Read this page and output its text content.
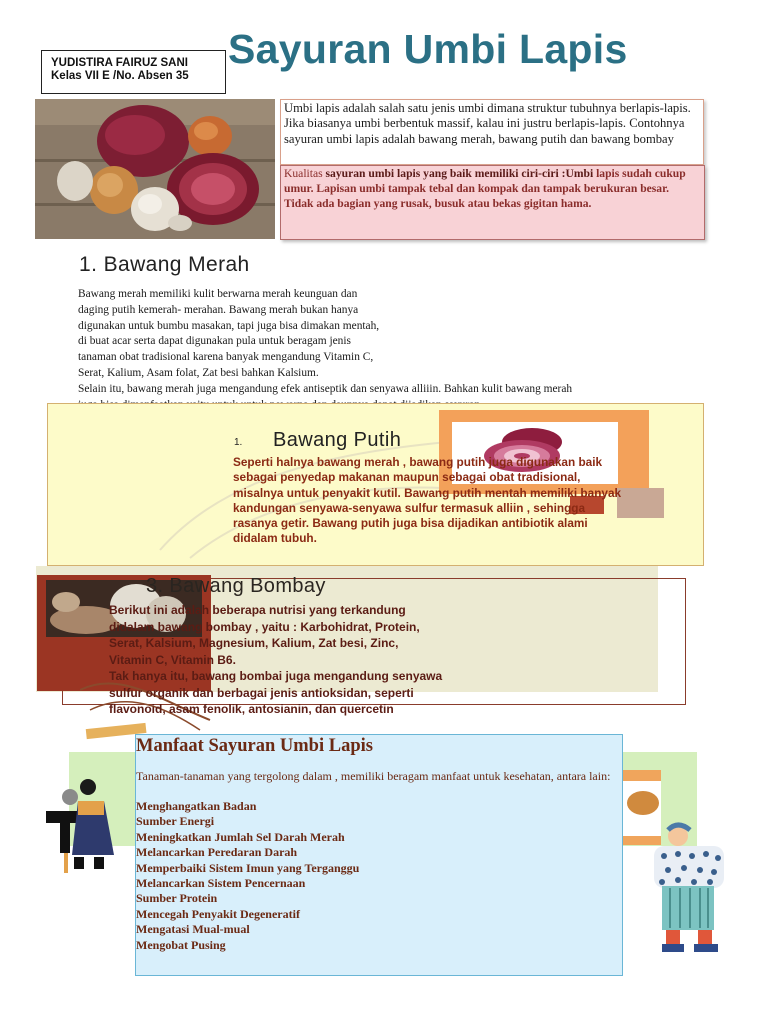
YUDISTIRA FAIRUZ SANI
Kelas VII E /No. Absen 35
Sayuran Umbi Lapis
Umbi lapis adalah salah satu jenis umbi dimana struktur tubuhnya berlapis-lapis. Jika biasanya umbi berbentuk massif, kalau ini justru berlapis-lapis. Contohnya sayuran umbi lapis adalah bawang merah, bawang putih dan bawang bombay
Kualitas sayuran umbi lapis yang baik memiliki ciri-ciri :Umbi lapis sudah cukup umur. Lapisan umbi tampak tebal dan kompak dan tampak berukuran besar. Tidak ada bagian yang rusak, busuk atau bekas gigitan hama.
1. Bawang Merah
Bawang merah memiliki kulit berwarna merah keunguan dan
daging putih kemerah- merahan. Bawang merah bukan hanya
digunakan untuk bumbu masakan, tapi juga bisa dimakan mentah,
di buat acar serta dapat digunakan pula untuk beragam jenis
tanaman obat tradisional karena banyak mengandung Vitamin C,
Serat, Kalium, Asam folat, Zat besi bahkan Kalsium.
Selain itu, bawang merah juga mengandung efek antiseptik dan senyawa alliiin. Bahkan kulit bawang merah
1. Bawang Putih
Seperti halnya bawang merah , bawang putih juga digunakan baik
sebagai penyedap makanan maupun sebagai obat tradisional,
misalnya untuk penyakit kutil. Bawang putih mentah memiliki banyak
kandungan senyawa-senyawa sulfur termasuk alliin , sehingga
rasanya getir. Bawang putih juga bisa dijadikan antibiotik alami
didalam tubuh.
3. Bawang Bombay
Berikut ini adalah beberapa nutrisi yang terkandung
didalam bawang bombay , yaitu : Karbohidrat, Protein,
Serat, Kalsium, Magnesium, Kalium, Zat besi, Zinc,
Vitamin C, Vitamin B6.
Tak hanya itu, bawang bombai juga mengandung senyawa
sulfur organik dan berbagai jenis antioksidan, seperti
flavonoid, asam fenolik, antosianin, dan quercetin
Manfaat Sayuran Umbi Lapis
Tanaman-tanaman yang tergolong dalam , memiliki beragam manfaat untuk kesehatan, antara lain:
Menghangatkan Badan
Sumber Energi
Meningkatkan Jumlah Sel Darah Merah
Melancarkan Peredaran Darah
Memperbaiki Sistem Imun yang Terganggu
Melancarkan Sistem Pencernaan
Sumber Protein
Mencegah Penyakit Degeneratif
Mengatasi Mual-mual
Mengobat Pusing
